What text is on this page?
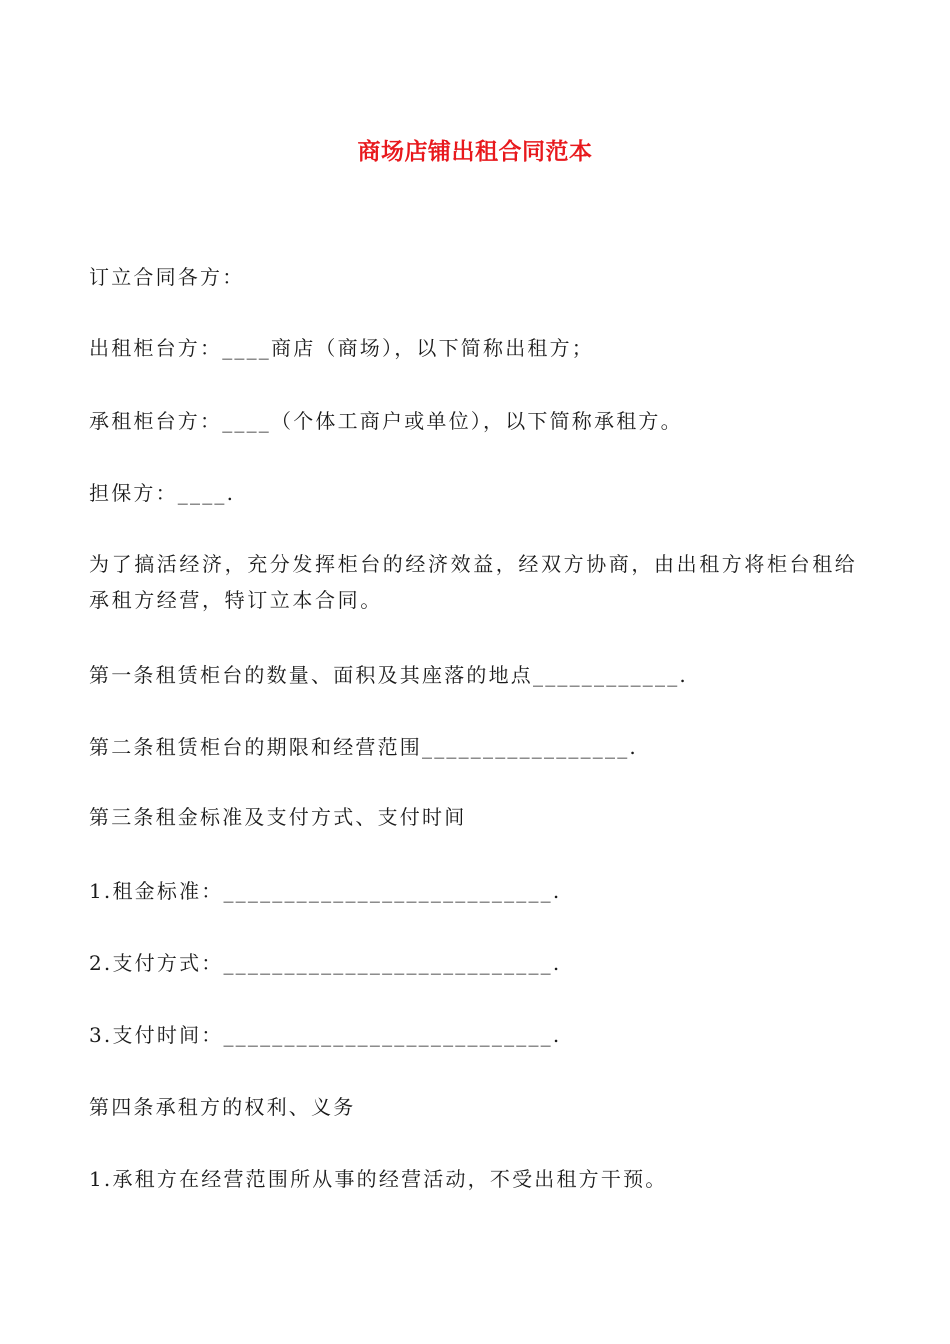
商场店铺出租合同范本
订立合同各方：
出租柜台方：____商店（商场），以下简称出租方；
承租柜台方：____（个体工商户或单位），以下简称承租方。
担保方：____.
为了搞活经济，充分发挥柜台的经济效益，经双方协商，由出租方将柜台租给承租方经营，特订立本合同。
第一条租赁柜台的数量、面积及其座落的地点____________.
第二条租赁柜台的期限和经营范围_________________.
第三条租金标准及支付方式、支付时间
1.租金标准：___________________________.
2.支付方式：___________________________.
3.支付时间：___________________________.
第四条承租方的权利、义务
1.承租方在经营范围所从事的经营活动，不受出租方干预。
